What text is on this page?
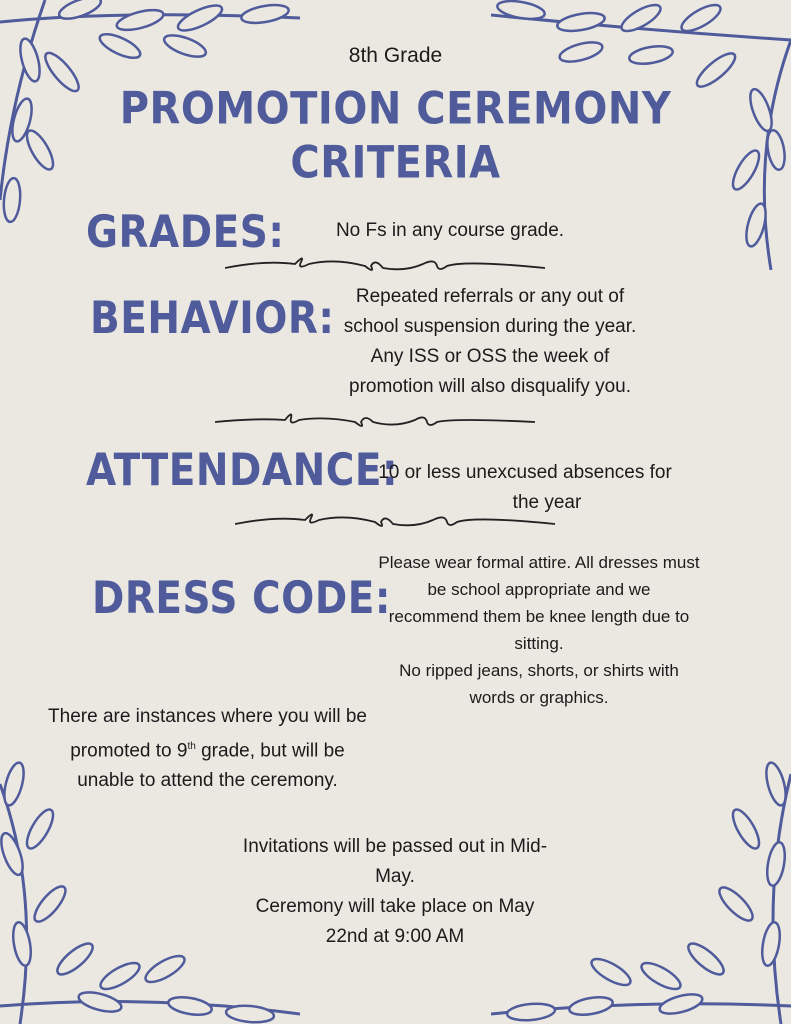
8th Grade
PROMOTION CEREMONY
CRITERIA
GRADES:	No Fs in any course grade.
BEHAVIOR:	Repeated referrals or any out of
school suspension during the year.
Any ISS or OSS the week of
promotion will also disqualify you.
ATTENDANCE:
10 or less unexcused absences for
the year
DRESS CODE:
Please wear formal attire. All dresses must
be school appropriate and we
recommend them be knee length due to
sitting.
No ripped jeans, shorts, or shirts with
words or graphics.
There are instances where you will be
promoted to 9th grade, but will be
unable to attend the ceremony.
Invitations will be passed out in Mid-
May.
Ceremony will take place on May
22nd at 9:00 AM
